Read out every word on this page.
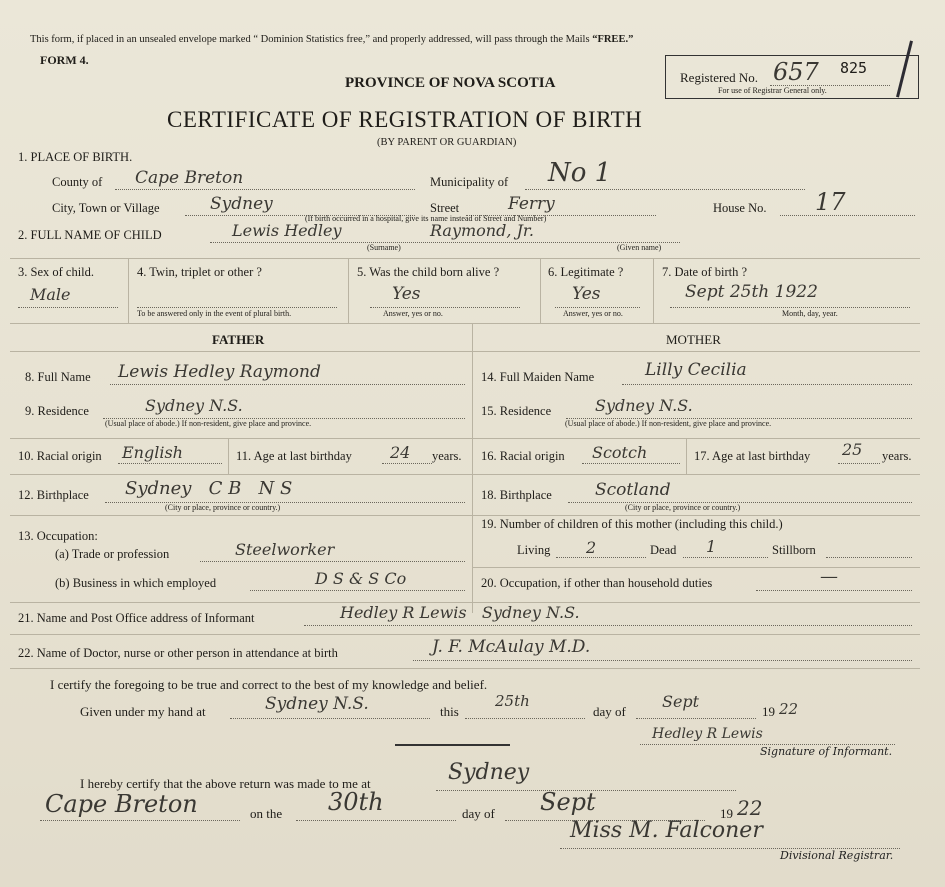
This form, if placed in an unsealed envelope marked “ Dominion Statistics free,” and properly addressed, will pass through the Mails “FREE.”
FORM 4.
PROVINCE OF NOVA SCOTIA
CERTIFICATE OF REGISTRATION OF BIRTH
(BY PARENT OR GUARDIAN)
Registered No. 657 825
For use of Registrar General only.
1. PLACE OF BIRTH.
County of Cape Breton	Municipality of No 1
City, Town or Village	Sydney	Street	Ferry
(If birth occurred in a hospital, give its name instead of Street and Number)
House No. 17
2. FULL NAME OF CHILD	Lewis Hedley	Raymond, Jr.
(Surname)	(Given name)
3. Sex of child.
Male
4. Twin, triplet or other ?
To be answered only in the event of plural birth.
5. Was the child born alive ?
Yes
Answer, yes or no.
6. Legitimate ?
Yes
Answer, yes or no.
7. Date of birth ?
Sept 25th 1922
Month, day, year.
FATHER	MOTHER
8. Full Name Lewis Hedley Raymond
9. Residence	Sydney N.S.
(Usual place of abode.) If non-resident, give place and province.
10. Racial origin English	11. Age at last birthday 24 years.
12. Birthplace Sydney   C B   N S
(City or place, province or country.)
13. Occupation:
(a) Trade or profession	Steelworker
(b) Business in which employed	D S & S Co
14. Full Maiden Name	Lilly Cecilia
15. Residence	Sydney N.S.
(Usual place of abode.) If non-resident, give place and province.
16. Racial origin Scotch	17. Age at last birthday 25 years.
18. Birthplace	Scotland
(City or place, province or country.)
19. Number of children of this mother (including this child.)
Living 2	Dead 1	Stillborn
20. Occupation, if other than household duties	—
21. Name and Post Office address of Informant	Hedley R Lewis   Sydney N.S.
22. Name of Doctor, nurse or other person in attendance at birth	J. F. McAulay M.D.
I certify the foregoing to be true and correct to the best of my knowledge and belief.
Given under my hand at	Sydney N.S.	this
25th
day of
Sept
19 22
Hedley R Lewis
Signature of Informant.
I hereby certify that the above return was made to me at	Sydney
Cape Breton	on the 30th	day of Sept	19 22
Miss M. Falconer
Divisional Registrar.
